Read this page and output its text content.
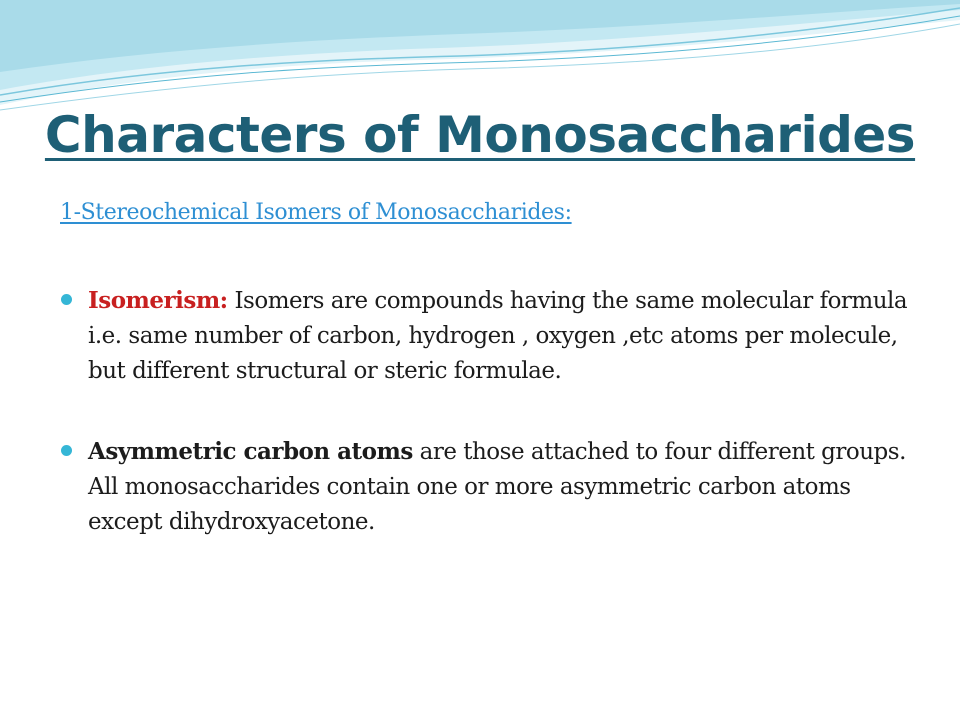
Characters of Monosaccharides
1-Stereochemical Isomers of Monosaccharides:
Isomerism: Isomers are compounds having the same molecular formula i.e. same number of carbon, hydrogen , oxygen ,etc atoms per molecule, but different structural or steric formulae.
Asymmetric carbon atoms are those attached to four different groups. All monosaccharides contain one or more asymmetric carbon atoms except dihydroxyacetone.
